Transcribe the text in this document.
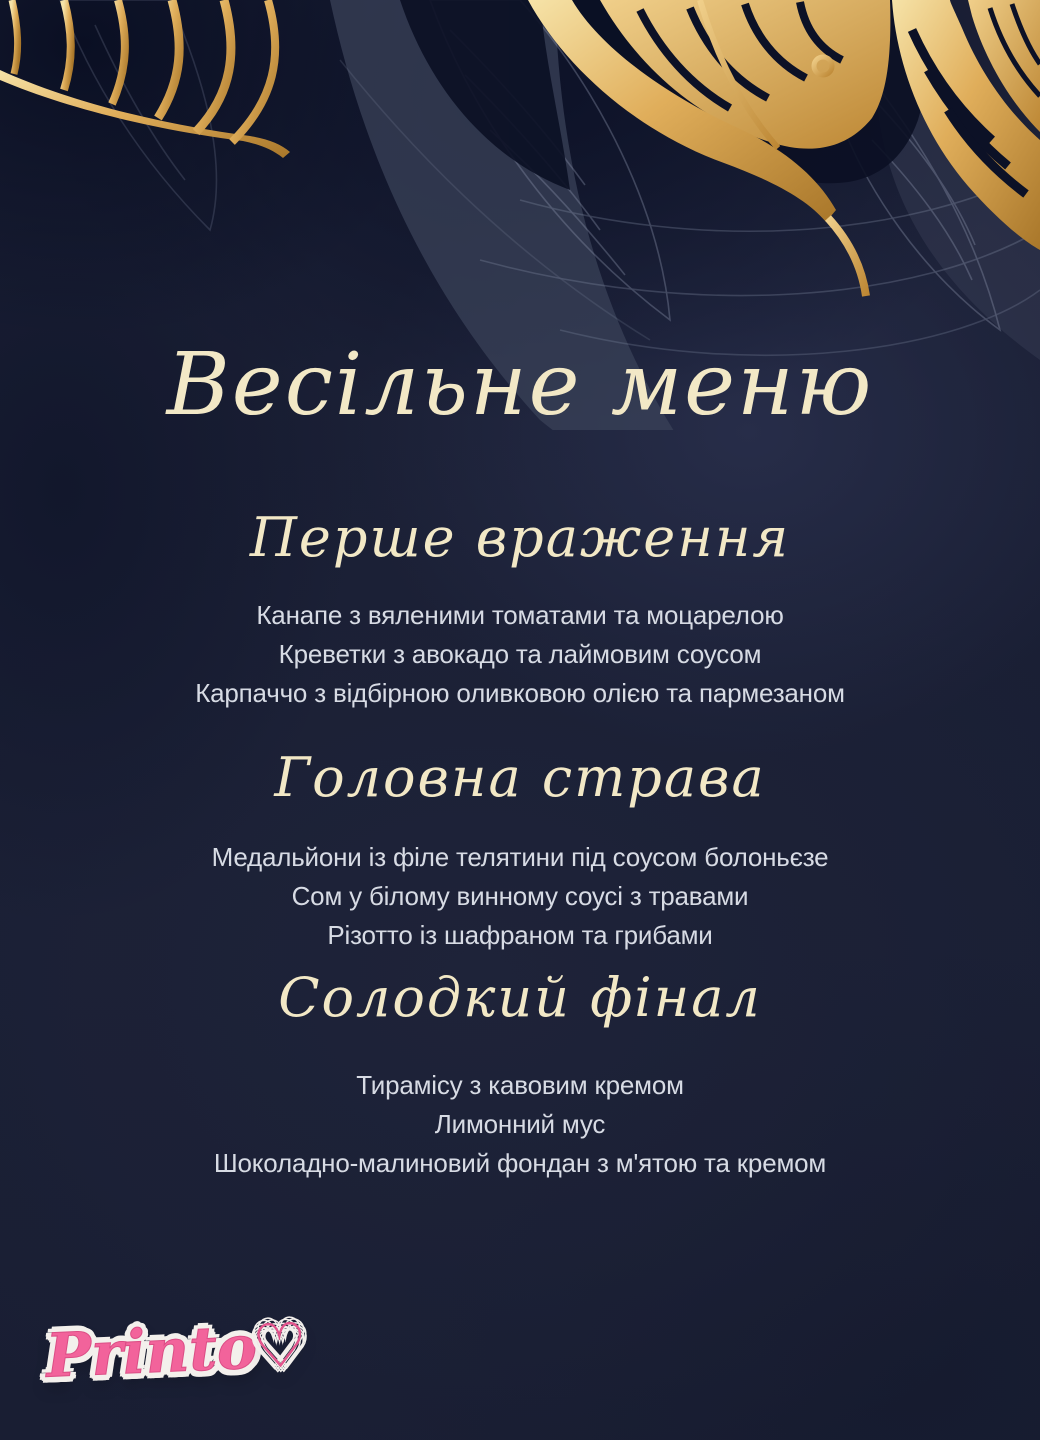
Весільне меню
Перше враження
Канапе з вяленими томатами та моцарелою
Креветки з авокадо та лаймовим соусом
Карпаччо з відбірною оливковою олією та пармезаном
Головна страва
Медальйони із філе телятини під соусом болоньєзе
Сом у білому винному соусі з травами
Різотто із шафраном та грибами
Солодкий фінал
Тирамісу з кавовим кремом
Лимонний мус
Шоколадно-малиновий фондан з м'ятою та кремом
Printo♡
